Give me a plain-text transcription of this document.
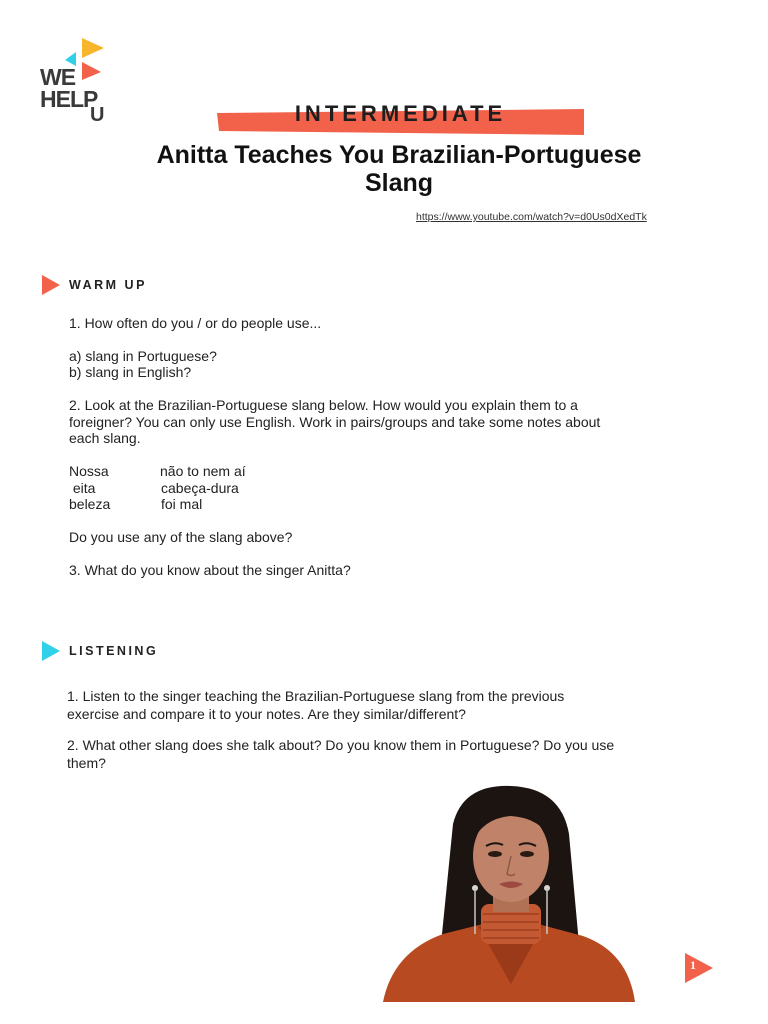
WE
HELP
U	INTERMEDIATE
Anitta Teaches You Brazilian-Portuguese
Slang
https://www.youtube.com/watch?v=d0Us0dXedTk
WARM UP
1. How often do you / or do people use...
a) slang in Portuguese?
b) slang in English?
2. Look at the Brazilian-Portuguese slang below. How would you explain them to a
foreigner? You can only use English. Work in pairs/groups and take some notes about
each slang.
Nossa	não to nem aí
eita	cabeça-dura
beleza	foi mal
Do you use any of the slang above?
3. What do you know about the singer Anitta?
LISTENING
1. Listen to the singer teaching the Brazilian-Portuguese slang from the previous
exercise and compare it to your notes. Are they similar/different?
2. What other slang does she talk about? Do you know them in Portuguese? Do you use
them?
1
